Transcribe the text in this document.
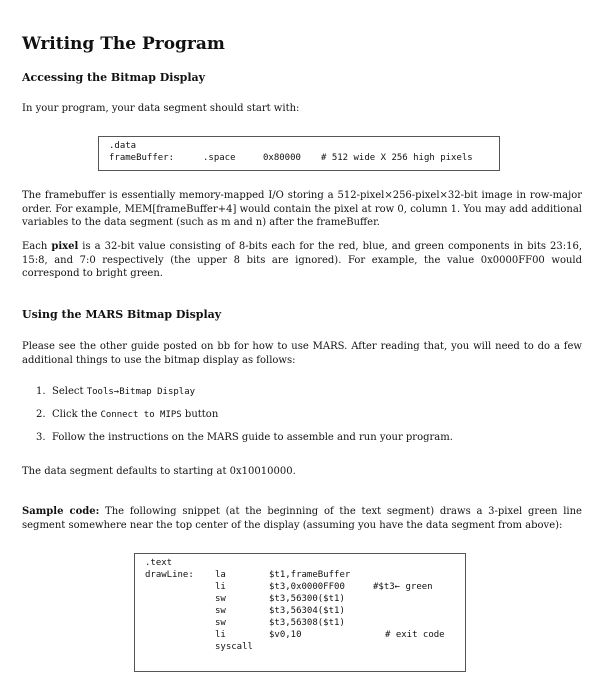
Writing The Program
Accessing the Bitmap Display

In your program, your data segment should start with:

.data
frameBuffer:	.space	0x80000 # 512 wide X 256 high pixels

The framebuffer is essentially memory-mapped I/O storing a 512-pixel×256-pixel×32-bit image in row-major order. For example, MEM[frameBuffer+4] would contain the pixel at row 0, column 1. You may add additional variables to the data segment (such as m and n) after the frameBuffer.

Each pixel is a 32-bit value consisting of 8-bits each for the red, blue, and green components in bits 23:16, 15:8, and 7:0 respectively (the upper 8 bits are ignored). For example, the value 0x0000FF00 would correspond to bright green.

Using the MARS Bitmap Display

Please see the other guide posted on bb for how to use MARS. After reading that, you will need to do a few additional things to use the bitmap display as follows:

1. Select Tools→Bitmap Display
2. Click the Connect to MIPS button
3. Follow the instructions on the MARS guide to assemble and run your program.

The data segment defaults to starting at 0x10010000.

Sample code: The following snippet (at the beginning of the text segment) draws a 3-pixel green line segment somewhere near the top center of the display (assuming you have the data segment from above):

.text
drawLine: la
li
sw
sw
sw
li
syscall
$t1,frameBuffer
$t3,0x0000FF00
$t3,56300($t1)
$t3,56304($t1)
$t3,56308($t1)
$v0,10
#$t3← green
# exit code
